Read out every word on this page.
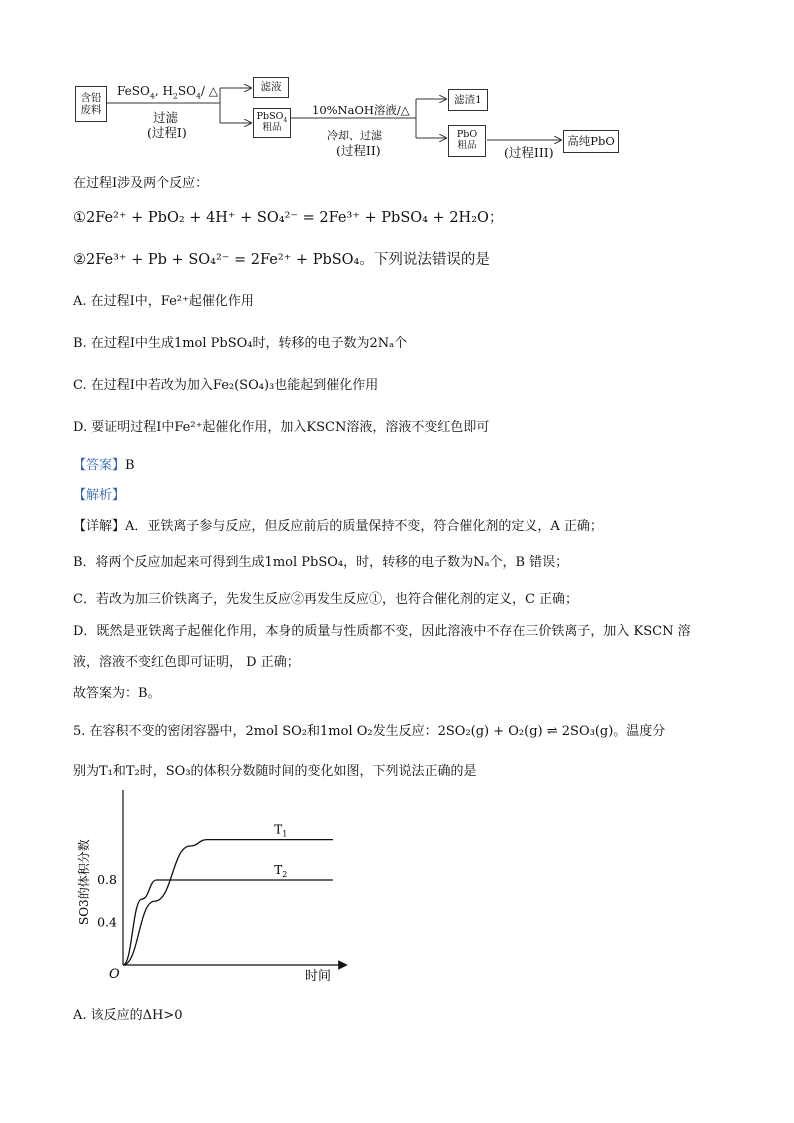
含铅废料
FeSO$_4$, $H_2SO_4/$ △
过滤
(过程I)
滤液
PbSO$_4$
粗品
10%NaOH溶液/△
冷却、过滤
(过程II)
滤渣1
PbO
粗品 (过程III)
高纯PbO
在过程I涉及两个反应：
①2Fe²⁺ + PbO₂ + 4H⁺ + SO₄²⁻ = 2Fe³⁺ + PbSO₄ + 2H₂O；
②2Fe³⁺ + Pb + SO₄²⁻ = 2Fe²⁺ + PbSO₄。下列说法错误的是
A. 在过程I中，Fe²⁺起催化作用
B. 在过程I中生成1mol PbSO₄时，转移的电子数为2Nₐ个
C. 在过程I中若改为加入Fe₂(SO₄)₃也能起到催化作用
D. 要证明过程I中Fe²⁺起催化作用，加入KSCN溶液，溶液不变红色即可
【答案】B
【解析】
【详解】A．亚铁离子参与反应，但反应前后的质量保持不变，符合催化剂的定义，A 正确；
B．将两个反应加起来可得到生成1mol PbSO₄，时，转移的电子数为Nₐ个，B 错误；
C．若改为加三价铁离子，先发生反应②再发生反应①，也符合催化剂的定义，C 正确；
D．既然是亚铁离子起催化作用，本身的质量与性质都不变，因此溶液中不存在三价铁离子，加入 KSCN 溶
液，溶液不变红色即可证明， D 正确；
故答案为：B。
5. 在容积不变的密闭容器中，2mol SO₂和1mol O₂发生反应：2SO₂(g) + O₂(g) ⇌ 2SO₃(g)。温度分
别为T₁和T₂时，SO₃的体积分数随时间的变化如图，下列说法正确的是
0.4
0.8
$T_1$
$T_2$
O	时间
SO3的体积分数
A. 该反应的ΔH>0
